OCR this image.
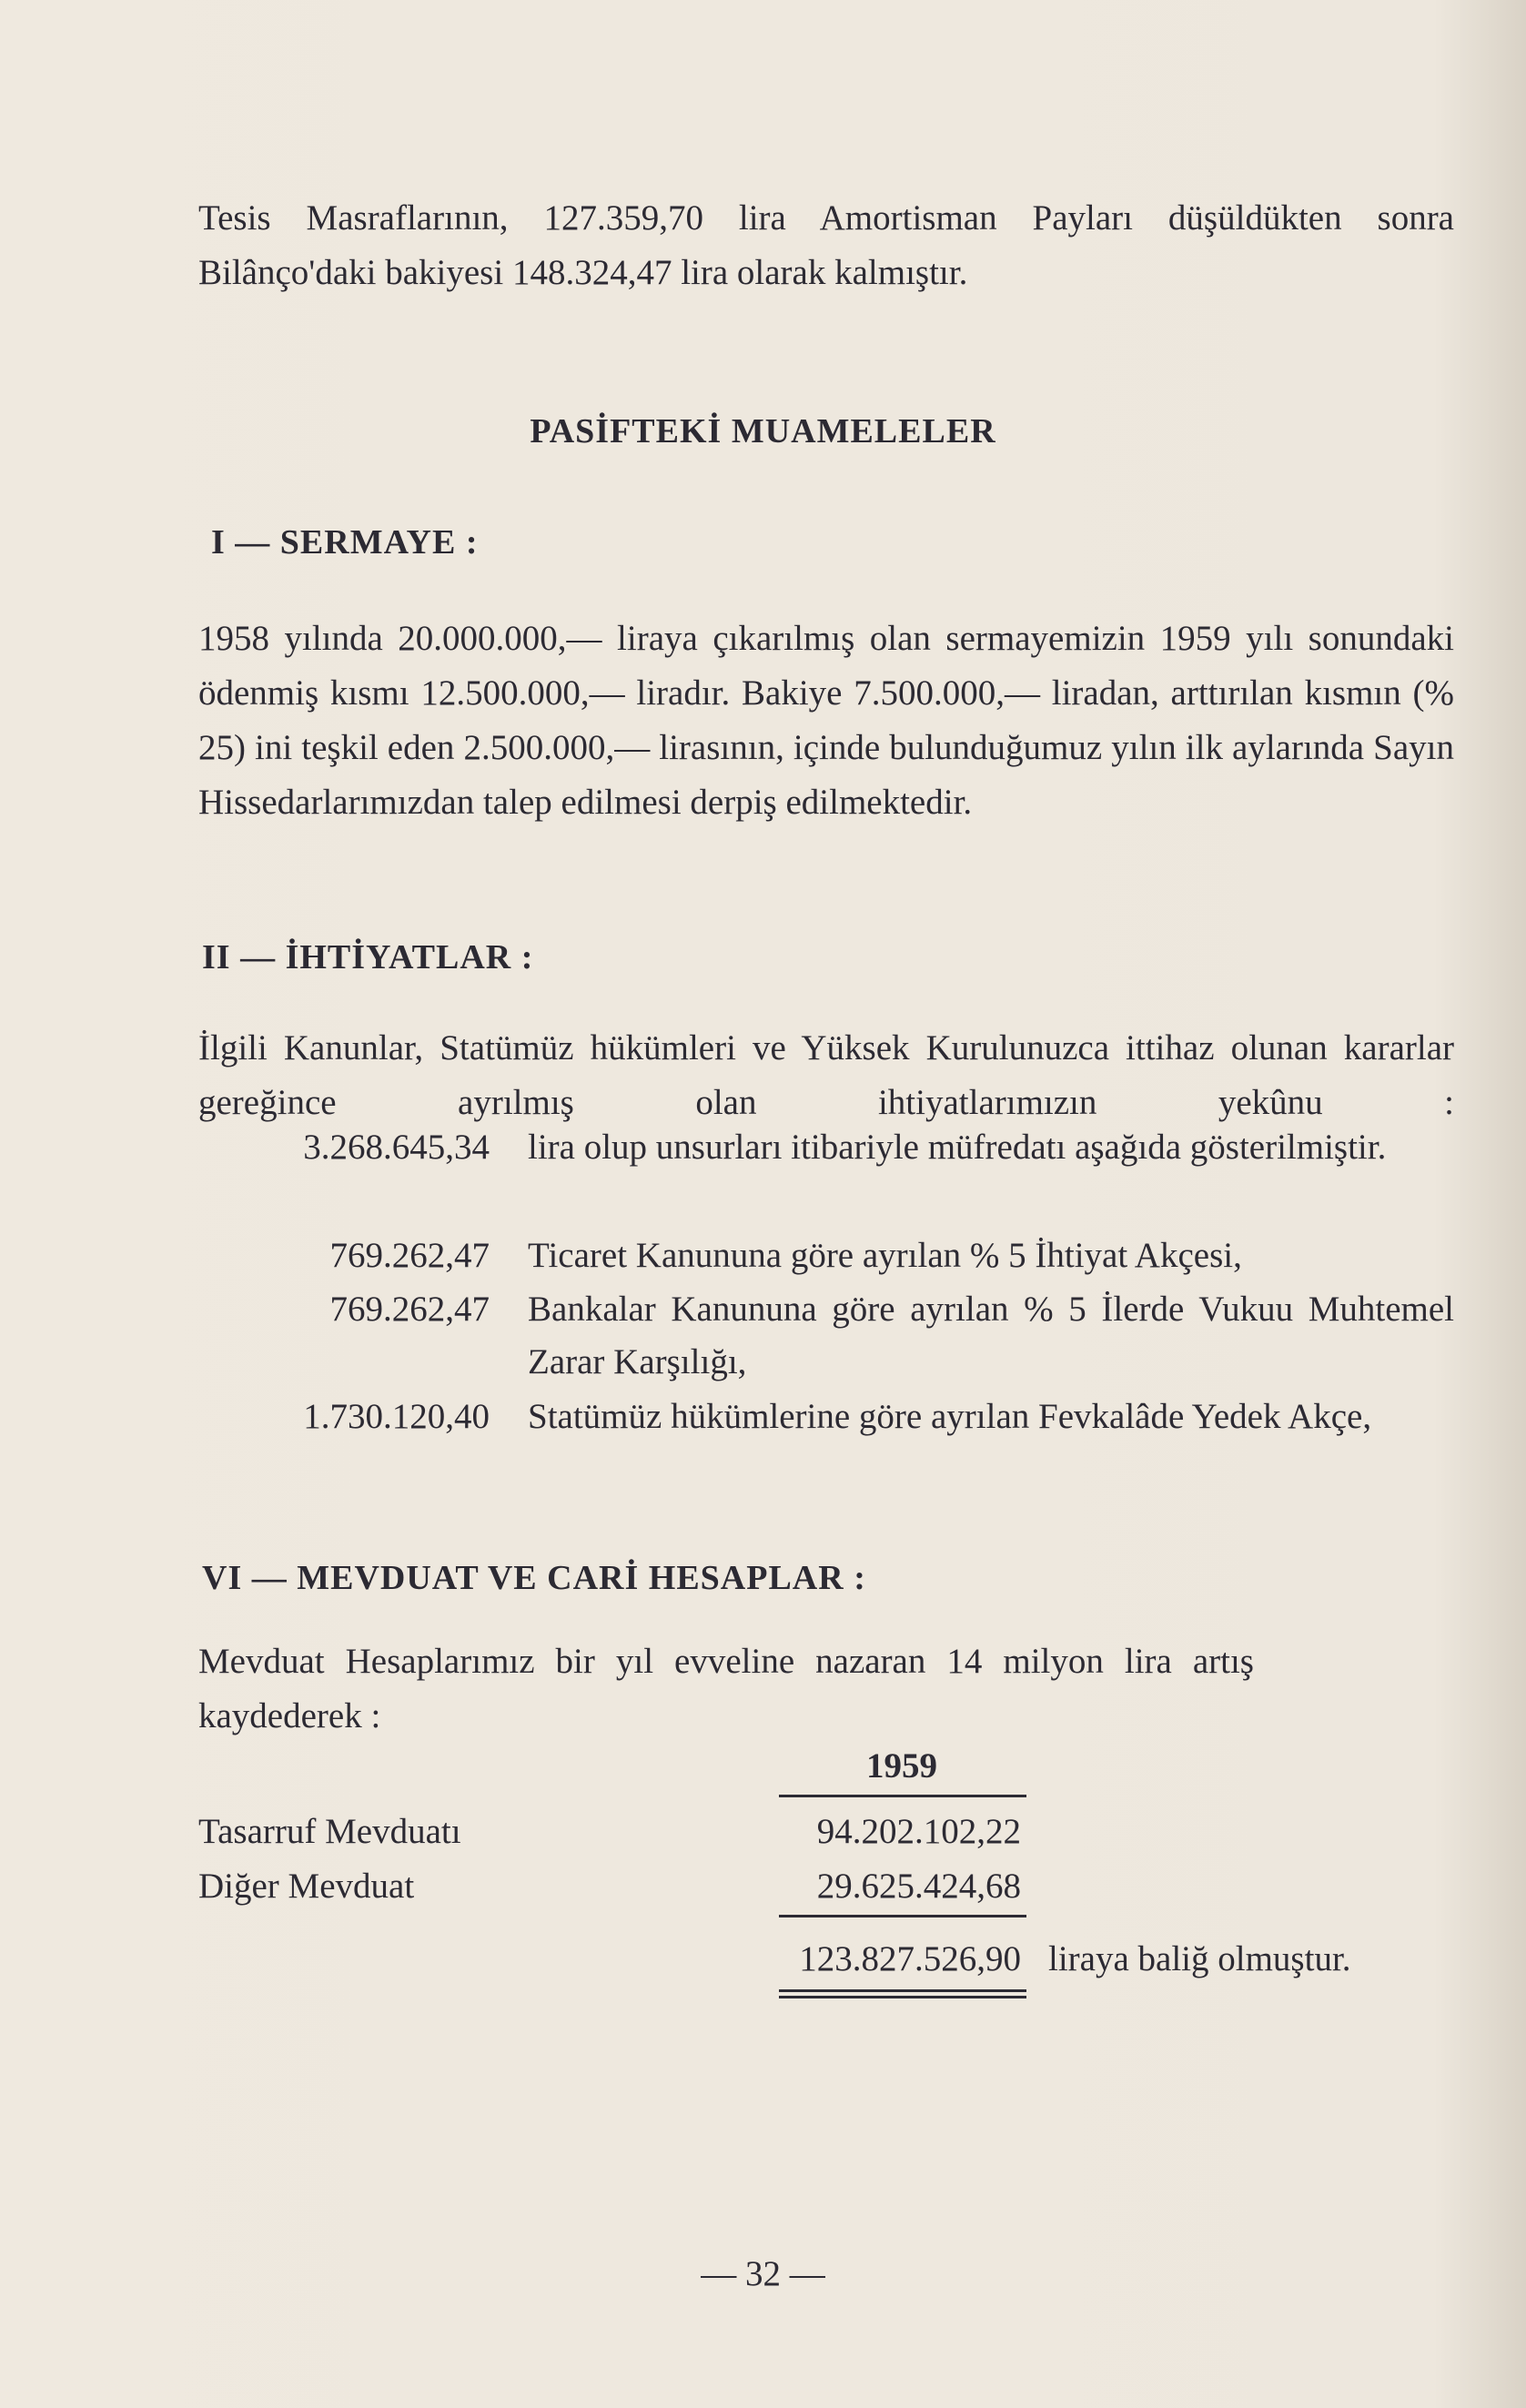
Tesis Masraflarının, 127.359,70 lira Amortisman Payları düşüldükten sonra Bilânço'daki bakiyesi 148.324,47 lira olarak kalmıştır.

PASİFTEKİ MUAMELELER
I — SERMAYE :

1958 yılında 20.000.000,— liraya çıkarılmış olan sermayemizin 1959 yılı sonundaki ödenmiş kısmı 12.500.000,— liradır. Bakiye 7.500.000,— liradan, arttırılan kısmın (% 25) ini teşkil eden 2.500.000,— lirasının, içinde bulunduğumuz yılın ilk aylarında Sayın Hissedarlarımızdan talep edilmesi derpiş edilmektedir.

II — İHTİYATLAR :

İlgili Kanunlar, Statümüz hükümleri ve Yüksek Kurulunuzca ittihaz olunan kararlar gereğince ayrılmış olan ihtiyatlarımızın yekûnu :

3.268.645,34 lira olup unsurları itibariyle müfredatı aşağıda gösterilmiştir.
769.262,47 Ticaret Kanununa göre ayrılan % 5 İhtiyat Akçesi,
769.262,47 Bankalar Kanununa göre ayrılan % 5 İlerde Vukuu Muhtemel Zarar Karşılığı,
1.730.120,40 Statümüz hükümlerine göre ayrılan Fevkalâde Yedek Akçe,
VI — MEVDUAT VE CARİ HESAPLAR :

Mevduat Hesaplarımız bir yıl evveline nazaran 14 milyon lira artış kaydederek :

1959
Tasarruf Mevduatı	94.202.102,22
Diğer Mevduat	29.625.424,68
123.827.526,90 liraya baliğ olmuştur.
— 32 —
